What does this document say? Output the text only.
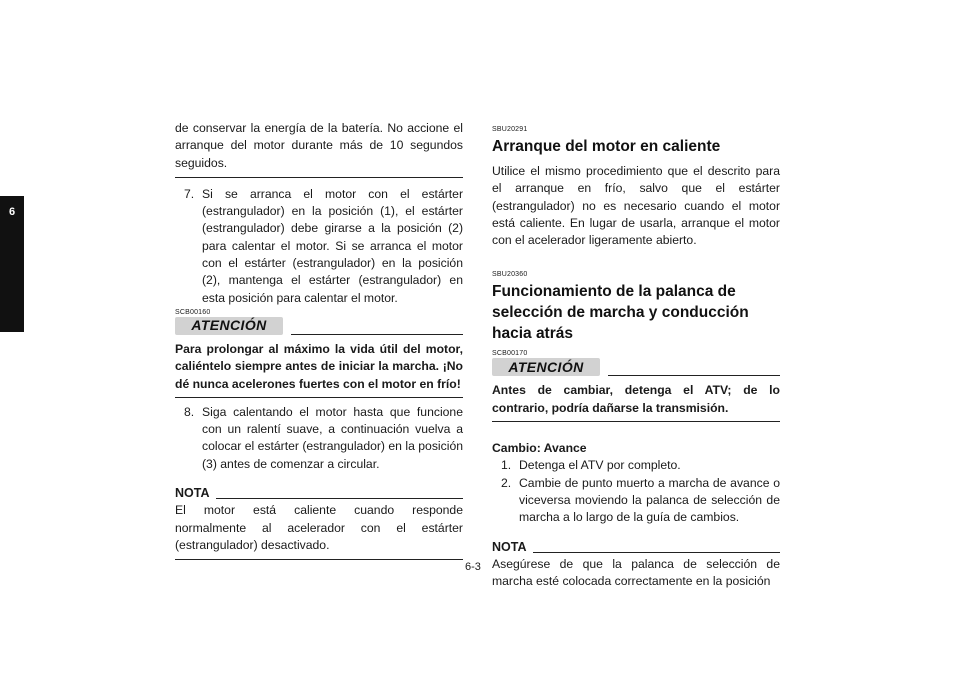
6

de conservar la energía de la batería. No accione el arranque del motor durante más de 10 segundos seguidos.

7. Si se arranca el motor con el estárter (estrangulador) en la posición (1), el estárter (estrangulador) debe girarse a la posición (2) para calentar el motor. Si se arranca el motor con el estárter (estrangulador) en la posición (2), mantenga el estárter (estrangulador) en esta posición para calentar el motor.
SCB00160
ATENCIÓN

Para prolongar al máximo la vida útil del motor, caliéntelo siempre antes de iniciar la marcha. ¡No dé nunca acelerones fuertes con el motor en frío!

8. Siga calentando el motor hasta que funcione con un ralentí suave, a continuación vuelva a colocar el estárter (estrangulador) en la posición (3) antes de comenzar a circular.
NOTA

El motor está caliente cuando responde normalmente al acelerador con el estárter (estrangulador) desactivado.

SBU20291
Arranque del motor en caliente

Utilice el mismo procedimiento que el descrito para el arranque en frío, salvo que el estárter (estrangulador) no es necesario cuando el motor está caliente. En lugar de usarla, arranque el motor con el acelerador ligeramente abierto.

SBU20360
Funcionamiento de la palanca de selección de marcha y conducción hacia atrás
SCB00170
ATENCIÓN

Antes de cambiar, detenga el ATV; de lo contrario, podría dañarse la transmisión.

Cambio: Avance
1. Detenga el ATV por completo.
2. Cambie de punto muerto a marcha de avance o viceversa moviendo la palanca de selección de marcha a lo largo de la guía de cambios.
NOTA

Asegúrese de que la palanca de selección de marcha esté colocada correctamente en la posición

6-3
